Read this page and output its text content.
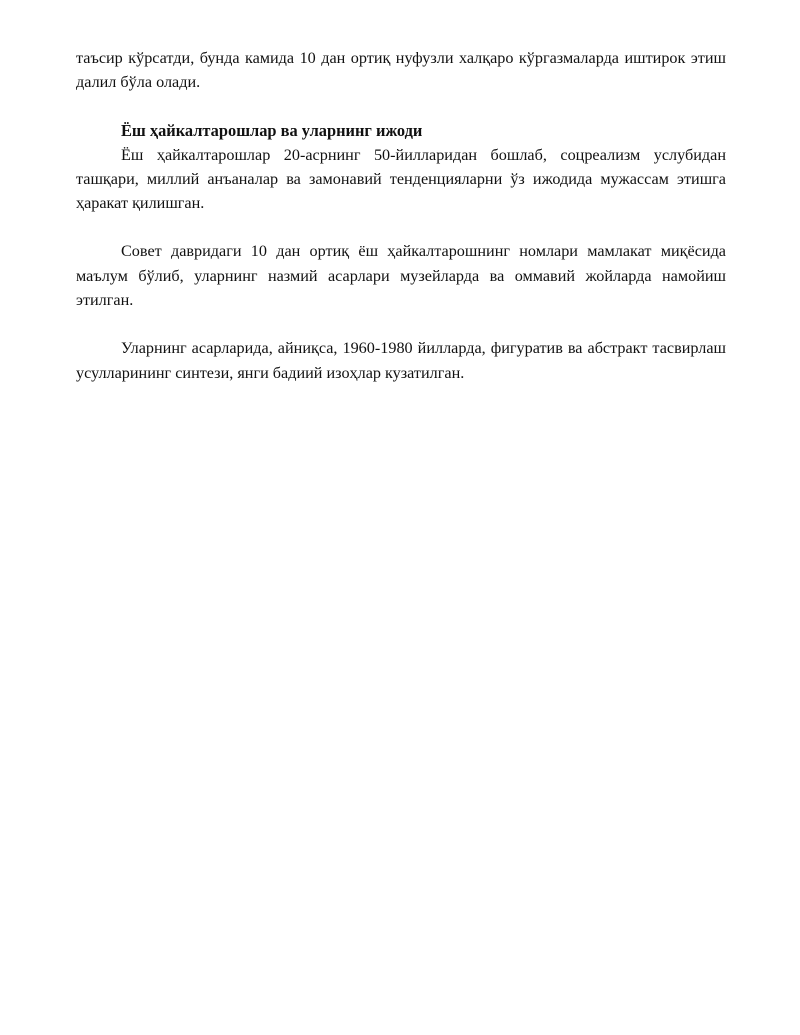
таъсир кўрсатди, бунда камида 10 дан ортиқ нуфузли халқаро кўргазмаларда иштирок этиш далил бўла олади.

Ёш ҳайкалтарошлар ва уларнинг ижоди

Ёш ҳайкалтарошлар 20-асрнинг 50-йилларидан бошлаб, соцреализм услубидан ташқари, миллий анъаналар ва замонавий тенденцияларни ўз ижодида мужассам этишга ҳаракат қилишган.

Совет давридаги 10 дан ортиқ ёш ҳайкалтарошнинг номлари мамлакат миқёсида маълум бўлиб, уларнинг назмий асарлари музейларда ва оммавий жойларда намойиш этилган.

Уларнинг асарларида, айниқса, 1960-1980 йилларда, фигуратив ва абстракт тасвирлаш усулларининг синтези, янги бадиий изоҳлар кузатилган.
